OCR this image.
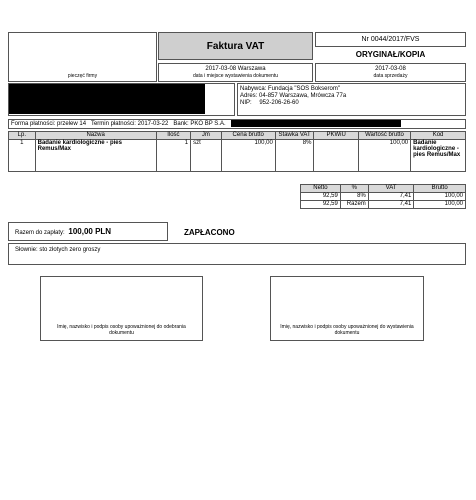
pieczęć firmy
Faktura VAT
Nr 0044/2017/FVS
ORYGINAŁ/KOPIA
2017-03-08 Warszawa
data i miejsce wystawienia dokumentu
2017-03-08
data sprzedaży
Nabywca: Fundacja "SOS Bokserom"
Adres: 04-857 Warszawa, Mrówcza 77a
NIP: 952-206-26-60
Forma płatności: przelew 14 Termin płatności: 2017-03-22 Bank: PKO BP S.A.
Lp.	Nazwa	Ilość	Jm	Cena brutto	Stawka VAT	PKWiU	Wartość brutto	Kod
1	Badanie kardiologiczne - pies Remus/Max	1	szt	100,00	8%		100,00	Badanie kardiologiczne - pies Remus/Max
Netto	%	VAT	Brutto
92,59	8%	7,41	100,00
92,59	Razem	7,41	100,00
Razem do zapłaty: 100,00 PLN	ZAPŁACONO
Słownie: sto złotych zero groszy
Imię, nazwisko i podpis osoby upoważnionej do odebrania dokumentu
Imię, nazwisko i podpis osoby upoważnionej do wystawienia dokumentu
